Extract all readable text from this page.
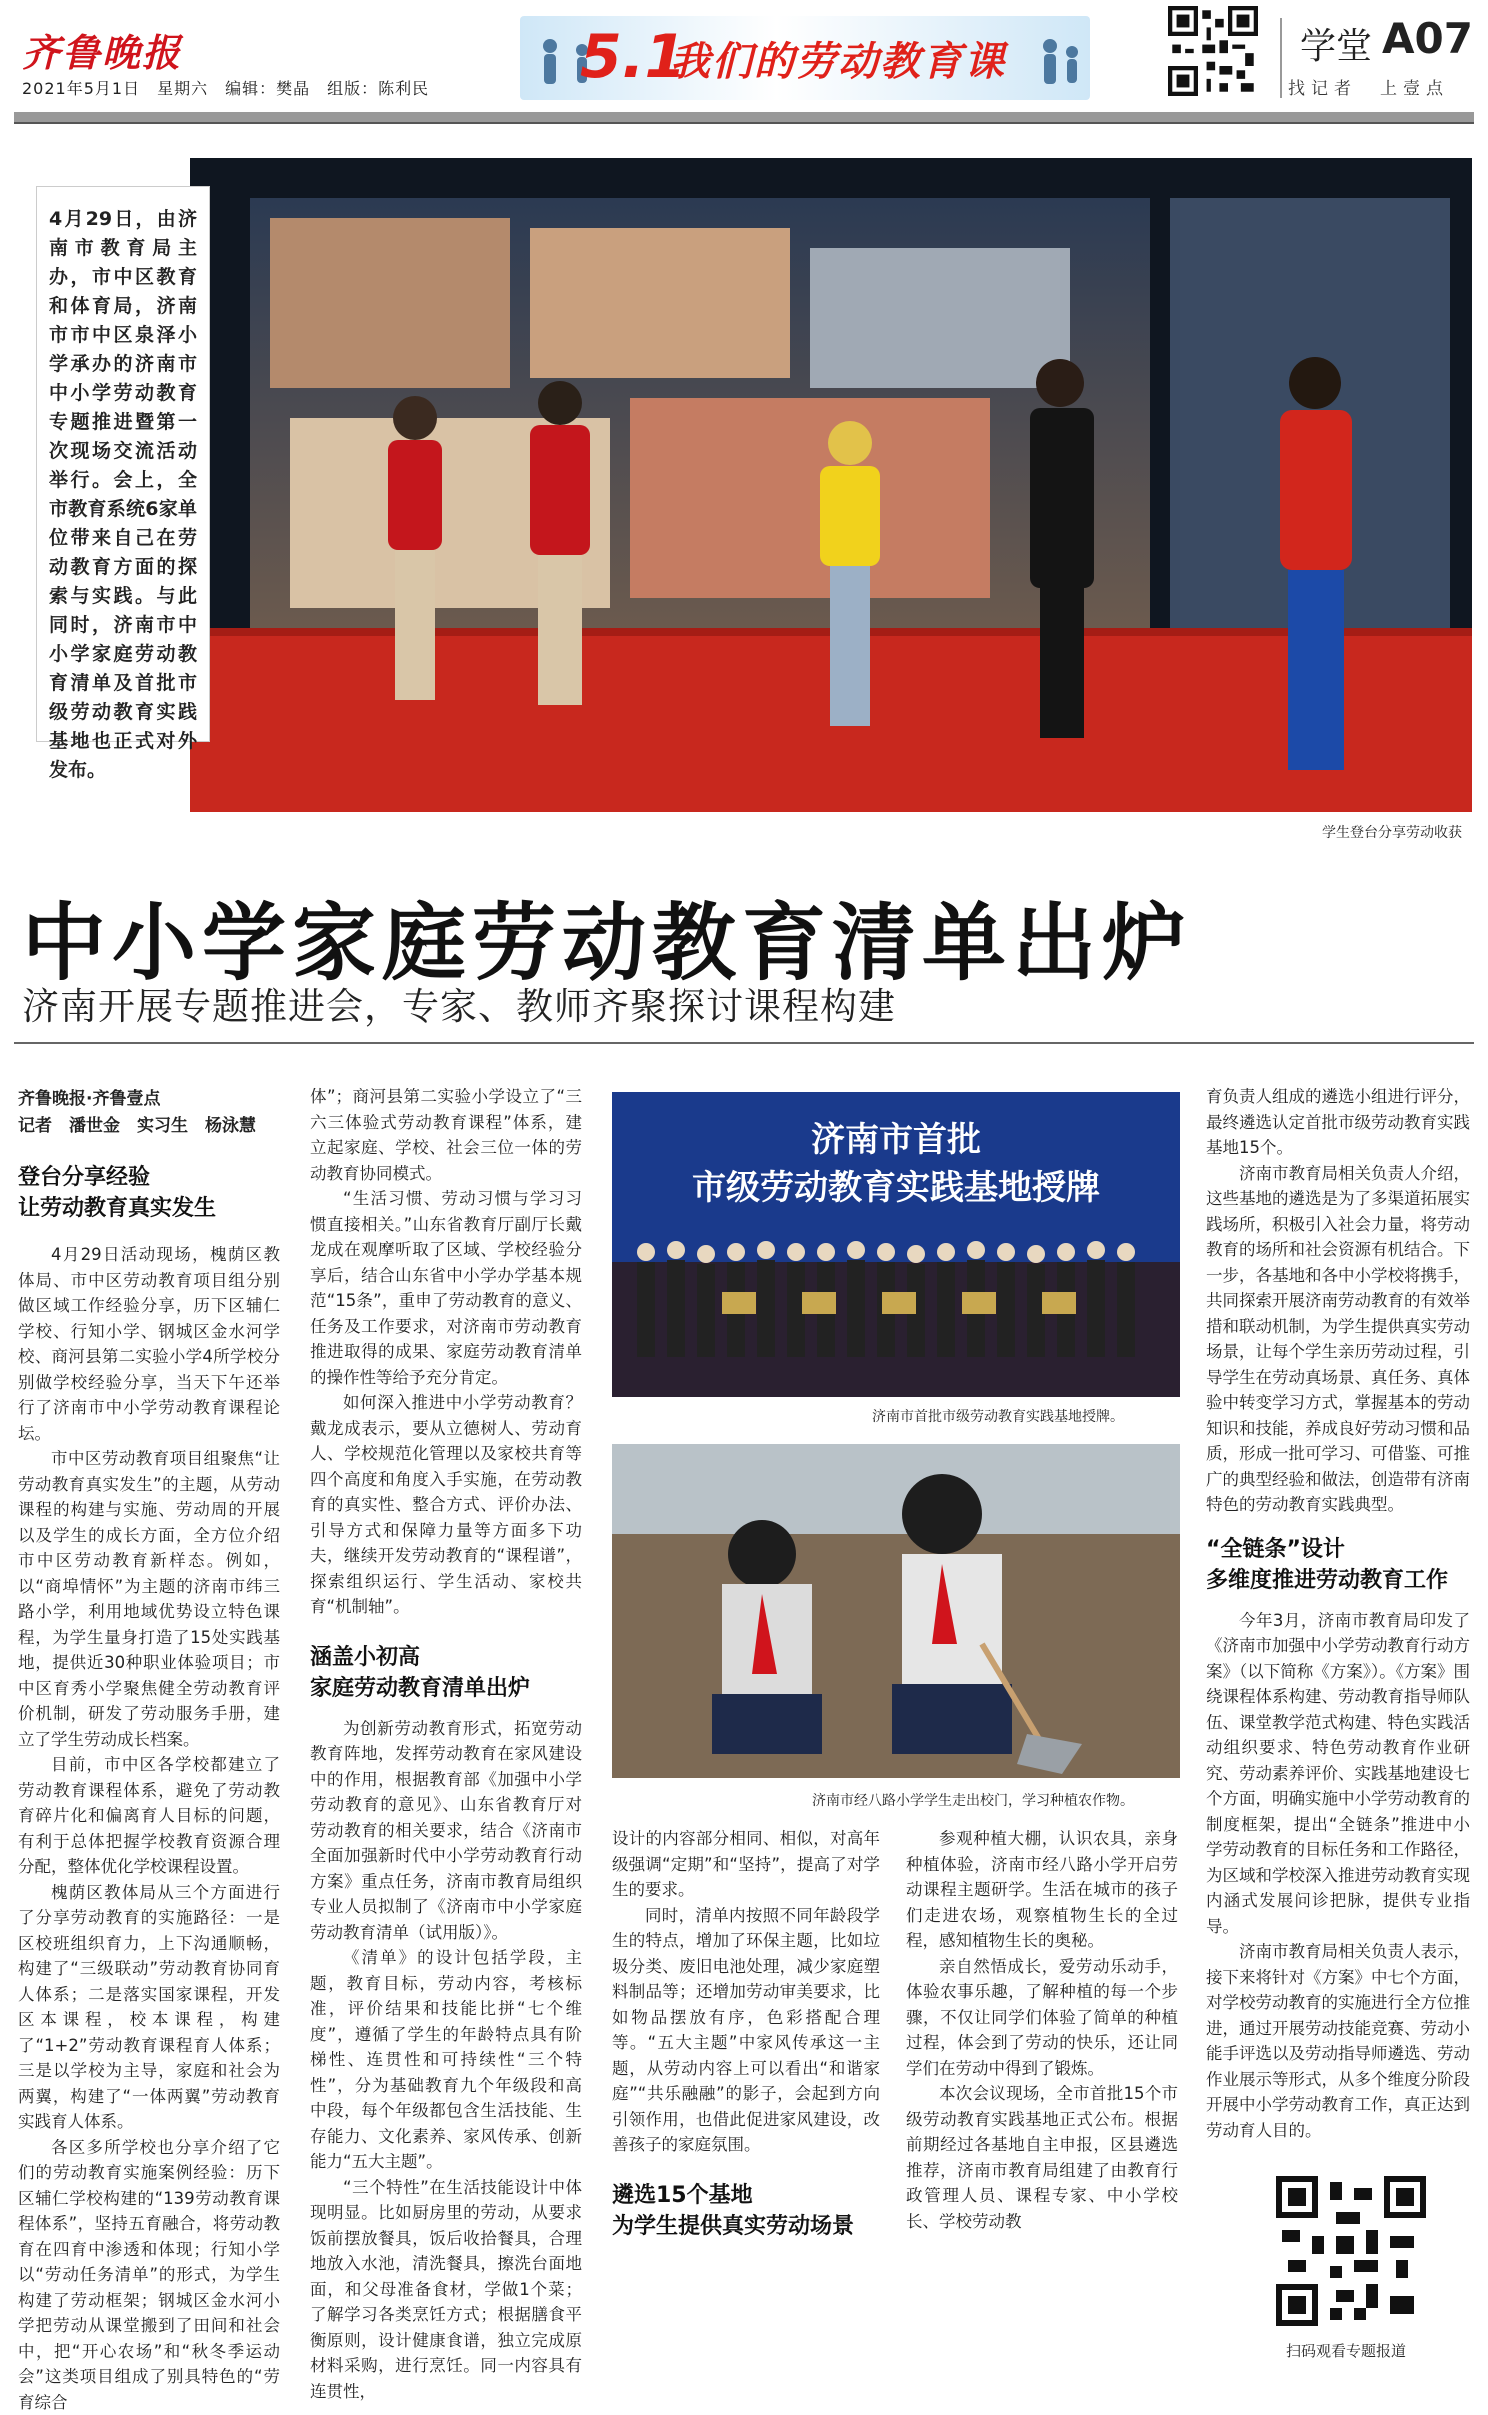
齐鲁晚报
2021年5月1日　星期六　编辑：樊晶　组版：陈利民	5.1
我们的劳动教育课	学堂 A07
找记者　上壹点
4月29日，由济南市教育局主办，市中区教育和体育局，济南市市中区泉泽小学承办的济南市中小学劳动教育专题推进暨第一次现场交流活动举行。会上，全市教育系统6家单位带来自己在劳动教育方面的探索与实践。与此同时，济南市中小学家庭劳动教育清单及首批市级劳动教育实践基地也正式对外发布。
学生登台分享劳动收获
中小学家庭劳动教育清单出炉
济南开展专题推进会，专家、教师齐聚探讨课程构建
齐鲁晚报·齐鲁壹点
记者　潘世金　实习生　杨泳慧
登台分享经验
让劳动教育真实发生

4月29日活动现场，槐荫区教体局、市中区劳动教育项目组分别做区域工作经验分享，历下区辅仁学校、行知小学、钢城区金水河学校、商河县第二实验小学4所学校分别做学校经验分享，当天下午还举行了济南市中小学劳动教育课程论坛。

市中区劳动教育项目组聚焦“让劳动教育真实发生”的主题，从劳动课程的构建与实施、劳动周的开展以及学生的成长方面，全方位介绍市中区劳动教育新样态。例如，以“商埠情怀”为主题的济南市纬三路小学，利用地域优势设立特色课程，为学生量身打造了15处实践基地，提供近30种职业体验项目；市中区育秀小学聚焦健全劳动教育评价机制，研发了劳动服务手册，建立了学生劳动成长档案。

目前，市中区各学校都建立了劳动教育课程体系，避免了劳动教育碎片化和偏离育人目标的问题，有利于总体把握学校教育资源合理分配，整体优化学校课程设置。

槐荫区教体局从三个方面进行了分享劳动教育的实施路径：一是区校班组织育力，上下沟通顺畅，构建了“三级联动”劳动教育协同育人体系；二是落实国家课程，开发区本课程，校本课程，构建了“1+2”劳动教育课程育人体系；三是以学校为主导，家庭和社会为两翼，构建了“一体两翼”劳动教育实践育人体系。

各区多所学校也分享介绍了它们的劳动教育实施案例经验：历下区辅仁学校构建的“139劳动教育课程体系”，坚持五育融合，将劳动教育在四育中渗透和体现；行知小学以“劳动任务清单”的形式，为学生构建了劳动框架；钢城区金水河小学把劳动从课堂搬到了田间和社会中，把“开心农场”和“秋冬季运动会”这类项目组成了别具特色的“劳育综合

体”；商河县第二实验小学设立了“三六三体验式劳动教育课程”体系，建立起家庭、学校、社会三位一体的劳动教育协同模式。

“生活习惯、劳动习惯与学习习惯直接相关。”山东省教育厅副厅长戴龙成在观摩听取了区域、学校经验分享后，结合山东省中小学办学基本规范“15条”，重申了劳动教育的意义、任务及工作要求，对济南市劳动教育推进取得的成果、家庭劳动教育清单的操作性等给予充分肯定。

如何深入推进中小学劳动教育？戴龙成表示，要从立德树人、劳动育人、学校规范化管理以及家校共育等四个高度和角度入手实施，在劳动教育的真实性、整合方式、评价办法、引导方式和保障力量等方面多下功夫，继续开发劳动教育的“课程谱”，探索组织运行、学生活动、家校共育“机制轴”。

涵盖小初高
家庭劳动教育清单出炉

为创新劳动教育形式，拓宽劳动教育阵地，发挥劳动教育在家风建设中的作用，根据教育部《加强中小学劳动教育的意见》、山东省教育厅对劳动教育的相关要求，结合《济南市全面加强新时代中小学劳动教育行动方案》重点任务，济南市教育局组织专业人员拟制了《济南市中小学家庭劳动教育清单（试用版）》。

《清单》的设计包括学段，主题，教育目标，劳动内容，考核标准，评价结果和技能比拼“七个维度”，遵循了学生的年龄特点具有阶梯性、连贯性和可持续性“三个特性”，分为基础教育九个年级段和高中段，每个年级都包含生活技能、生存能力、文化素养、家风传承、创新能力“五大主题”。

“三个特性”在生活技能设计中体现明显。比如厨房里的劳动，从要求饭前摆放餐具，饭后收拾餐具，合理地放入水池，清洗餐具，擦洗台面地面，和父母准备食材，学做1个菜；了解学习各类烹饪方式；根据膳食平衡原则，设计健康食谱，独立完成原材料采购，进行烹饪。同一内容具有连贯性，

济南市首批
市级劳动教育实践基地授牌
济南市首批市级劳动教育实践基地授牌。
济南市经八路小学学生走出校门，学习种植农作物。

设计的内容部分相同、相似，对高年级强调“定期”和“坚持”，提高了对学生的要求。

同时，清单内按照不同年龄段学生的特点，增加了环保主题，比如垃圾分类、废旧电池处理，减少家庭塑料制品等；还增加劳动审美要求，比如物品摆放有序，色彩搭配合理等。“五大主题”中家风传承这一主题，从劳动内容上可以看出“和谐家庭”“共乐融融”的影子，会起到方向引领作用，也借此促进家风建设，改善孩子的家庭氛围。

遴选15个基地
为学生提供真实劳动场景

参观种植大棚，认识农具，亲身种植体验，济南市经八路小学开启劳动课程主题研学。生活在城市的孩子们走进农场，观察植物生长的全过程，感知植物生长的奥秘。

亲自然悟成长，爱劳动乐动手，体验农事乐趣，了解种植的每一个步骤，不仅让同学们体验了简单的种植过程，体会到了劳动的快乐，还让同学们在劳动中得到了锻炼。

本次会议现场，全市首批15个市级劳动教育实践基地正式公布。根据前期经过各基地自主申报，区县遴选推荐，济南市教育局组建了由教育行政管理人员、课程专家、中小学校长、学校劳动教

育负责人组成的遴选小组进行评分，最终遴选认定首批市级劳动教育实践基地15个。

济南市教育局相关负责人介绍，这些基地的遴选是为了多渠道拓展实践场所，积极引入社会力量，将劳动教育的场所和社会资源有机结合。下一步，各基地和各中小学校将携手，共同探索开展济南劳动教育的有效举措和联动机制，为学生提供真实劳动场景，让每个学生亲历劳动过程，引导学生在劳动真场景、真任务、真体验中转变学习方式，掌握基本的劳动知识和技能，养成良好劳动习惯和品质，形成一批可学习、可借鉴、可推广的典型经验和做法，创造带有济南特色的劳动教育实践典型。

“全链条”设计
多维度推进劳动教育工作

今年3月，济南市教育局印发了《济南市加强中小学劳动教育行动方案》（以下简称《方案》）。《方案》围绕课程体系构建、劳动教育指导师队伍、课堂教学范式构建、特色实践活动组织要求、特色劳动教育作业研究、劳动素养评价、实践基地建设七个方面，明确实施中小学劳动教育的制度框架，提出“全链条”推进中小学劳动教育的目标任务和工作路径，为区域和学校深入推进劳动教育实现内涵式发展问诊把脉，提供专业指导。

济南市教育局相关负责人表示，接下来将针对《方案》中七个方面，对学校劳动教育的实施进行全方位推进，通过开展劳动技能竞赛、劳动小能手评选以及劳动指导师遴选、劳动作业展示等形式，从多个维度分阶段开展中小学劳动教育工作，真正达到劳动育人目的。

扫码观看专题报道
